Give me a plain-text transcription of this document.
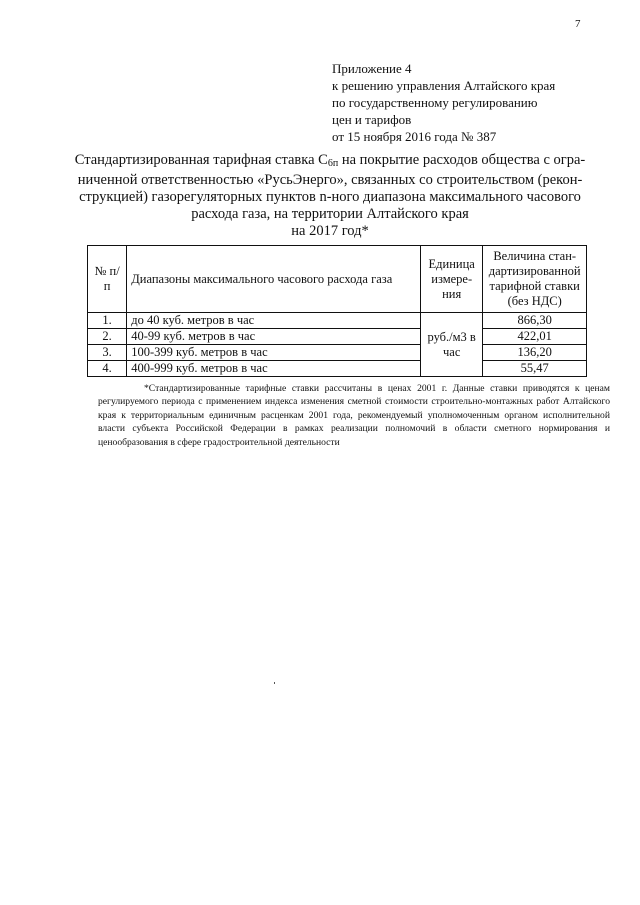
7
Приложение 4
к решению управления Алтайского края
по государственному регулированию
цен и тарифов
от 15 ноября 2016 года № 387
Стандартизированная тарифная ставка $C_{6п}$ на покрытие расходов общества с огра-
ниченной ответственностью «РусьЭнерго», связанных со строительством (рекон-
струкцией) газорегуляторных пунктов n-ного диапазона максимального часового
расхода газа, на территории Алтайского края
на 2017 год*
№ п/п	Диапазоны максимального часового расхода газа	Единица измере-ния	Величина стан-дартизированной тарифной ставки (без НДС)
1.	до 40 куб. метров в час	руб./м3 в час	866,30
2.	40-99 куб. метров в час		422,01
3.	100-399 куб. метров в час		136,20
4.	400-999 куб. метров в час		55,47
*Стандартизированные тарифные ставки рассчитаны в ценах 2001 г. Данные ставки приводятся к ценам регулируемого периода с применением индекса изменения сметной стоимости строительно-монтажных работ Алтайского края к территориальным единичным расценкам 2001 года, рекомендуемый уполномоченным органом исполнительной власти субъекта Российской Федерации в рамках реализации полномочий в области сметного нормирования и ценообразования в сфере градостроительной деятельности
